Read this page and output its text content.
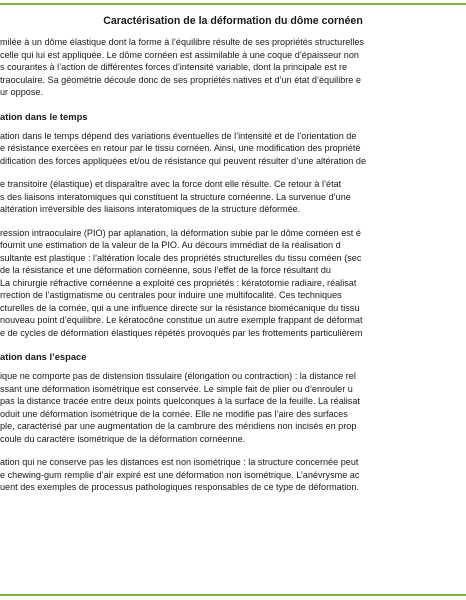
Caractérisation de la déformation du dôme cornéen
milée à un dôme élastique dont la forme à l’équilibre résulte de ses propriétés structurelles
celle qui lui est appliquée. Le dôme cornéen est assimilable à une coque d’épaisseur non
s courantes à l’action de différentes forces d’intensité variable, dont la principale est re
traoculaire. Sa géométrie découle donc de ses propriétés natives et d’un état d’équilibre e
ur oppose.
ation dans le temps
ation dans le temps dépend des variations éventuelles de l’intensité et de l’orientation de
e résistance exercées en retour par le tissu cornéen. Ainsi, une modification des propriété
dification des forces appliquées et/ou de résistance qui peuvent résulter d’une altération de
e transitoire (élastique) et disparaître avec la force dont elle résulte. Ce retour à l’état
s des liaisons interatomiques qui constituent la structure cornéenne. La survenue d’une
altération irréversible des liaisons interatomiques de la structure déformée.
ression intraoculaire (PIO) par aplanation, la déformation subie par le dôme cornéen est é
fournit une estimation de la valeur de la PIO. Au décours immédiat de la réalisation d
sultante est plastique : l’altération locale des propriétés structurelles du tissu cornéen (sec
de la résistance et une déformation cornéenne, sous l’effet de la force résultant du
La chirurgie réfractive cornéenne a exploité ces propriétés : kératotomie radiaire, réalisat
rrection de l’astigmatisme ou centrales pour induire une multifocalité. Ces techniques
cturelles de la cornée, qui a une influence directe sur la résistance biomécanique du tissu
nouveau point d’équilibre. Le kératocône constitue un autre exemple frappant de déformat
e de cycles de déformation élastiques répétés provoqués par les frottements particulièrem
ation dans l’espace
ique ne comporte pas de distension tissulaire (élongation ou contraction) : la distance rel
ssant une déformation isométrique est conservée. Le simple fait de plier ou d’enrouler u
pas la distance tracée entre deux points quelconques à la surface de la feuille. La réalisat
oduit une déformation isométrique de la cornée. Elle ne modifie pas l’aire des surfaces
ple, caractérisé par une augmentation de la cambrure des méridiens non incisés en prop
coule du caractère isométrique de la déformation cornéenne.
ation qui ne conserve pas les distances est non isométrique : la structure concernée peut
e chewing-gum remplie d’air expiré est une déformation non isométrique. L’anévrysme ac
uent des exemples de processus pathologiques responsables de ce type de déformation.
